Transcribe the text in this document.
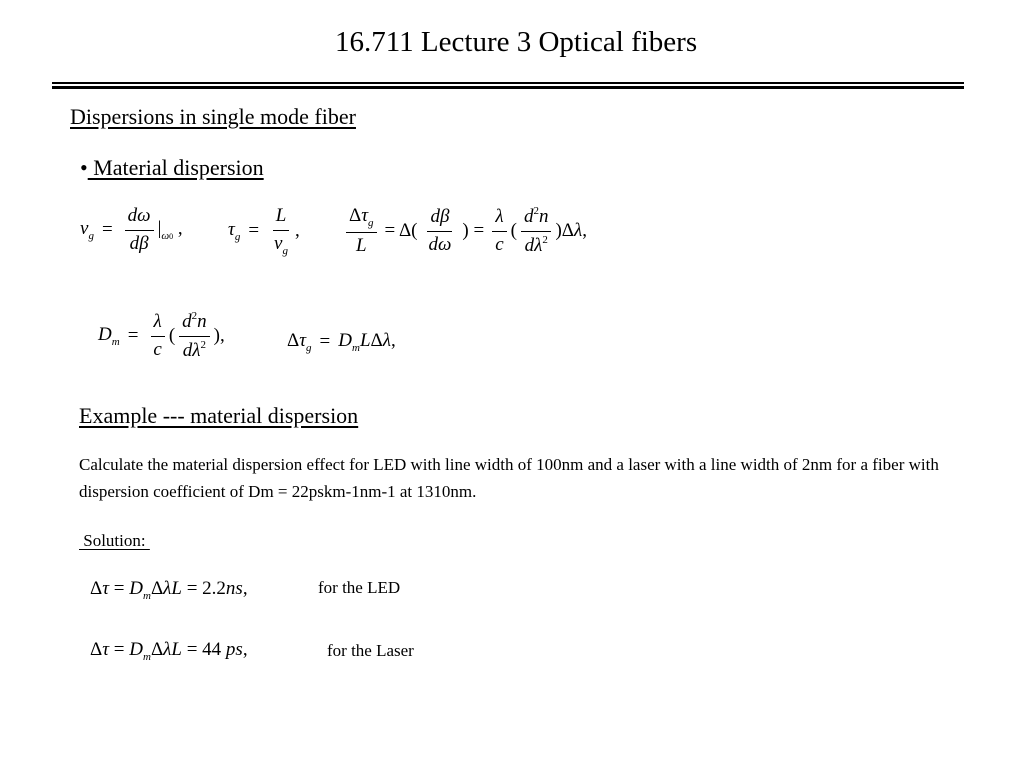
16.711 Lecture 3 Optical fibers
Dispersions in single mode fiber
• Material dispersion
$v_g = \frac{d\omega}{d\beta} |_{\omega 0}$ , $\tau_g = \frac{L}{v_g}$ , $\frac{\Delta\tau_g}{L} = \Delta( \frac{d\beta}{d\omega}$ ) = $\frac{\lambda}{c}$ ( $\frac{d^2n}{d\lambda^2} )\Delta\lambda$,
$D_m = \frac{\lambda}{c}$ ( $\frac{d^2n}{d\lambda^2}$ ),	$\Delta\tau_g = D_mL\Delta\lambda$,
Example --- material dispersion
Calculate the material dispersion effect for LED with line width of 100nm and a laser with a line width of 2nm for a fiber with dispersion coefficient of Dm = 22pskm-1nm-1 at 1310nm.
Solution:
$\Delta\tau = D_m\Delta\lambda L = 2.2ns$,	for the LED
$\Delta\tau = D_m\Delta\lambda L = 44$ ps,	for the Laser
